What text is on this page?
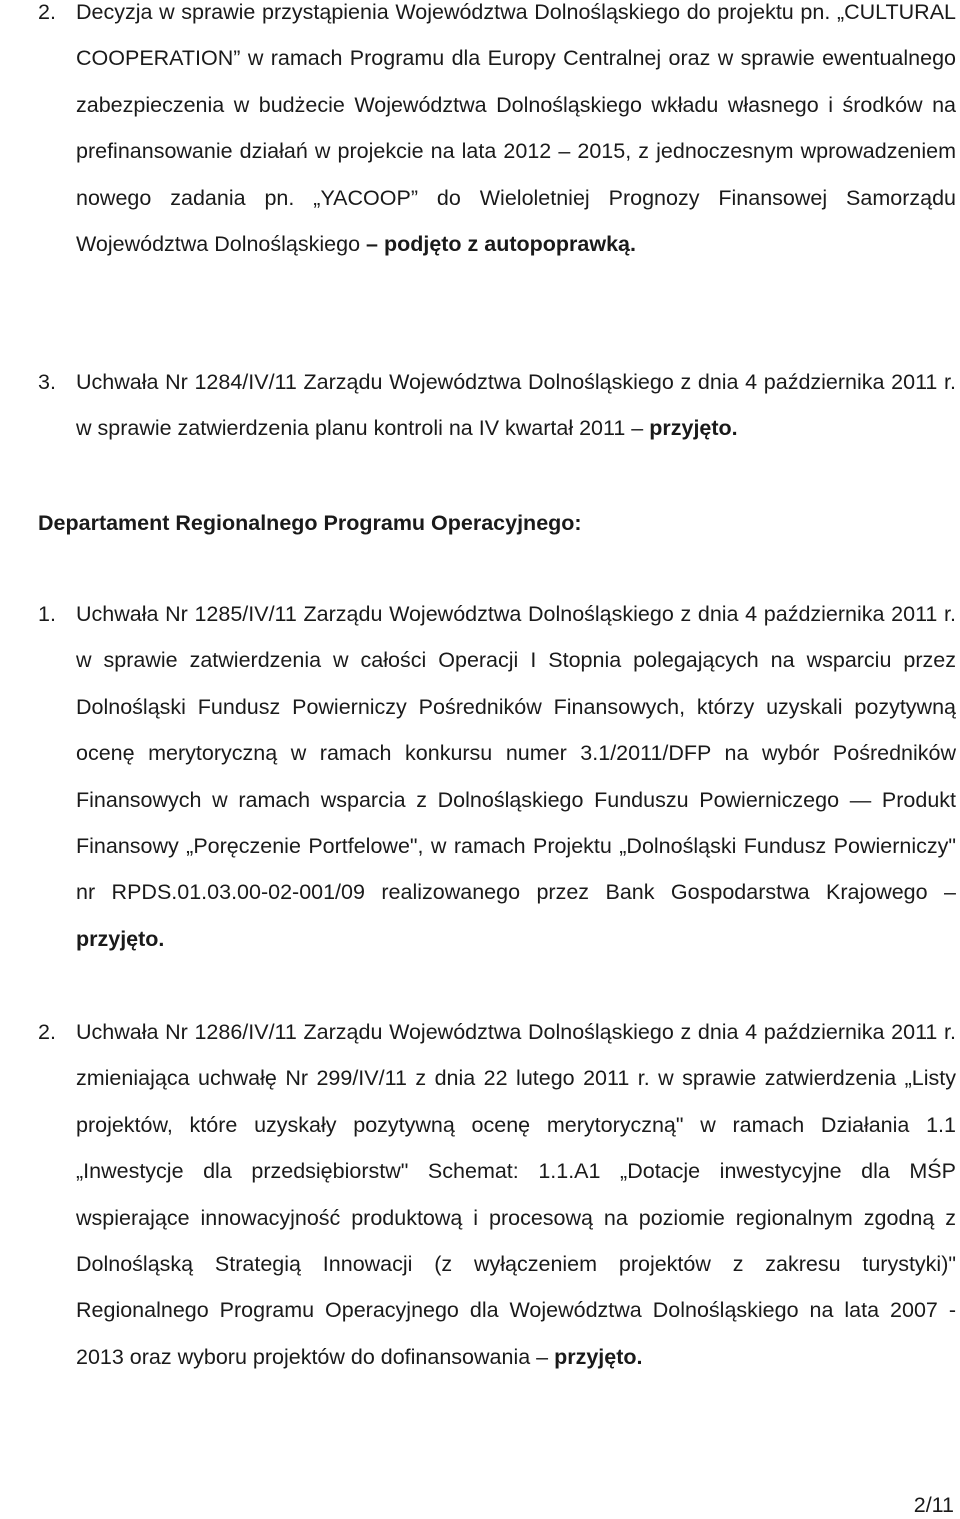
2. Decyzja w sprawie przystąpienia Województwa Dolnośląskiego do projektu pn. „CULTURAL COOPERATION” w ramach Programu dla Europy Centralnej oraz w sprawie ewentualnego zabezpieczenia w budżecie Województwa Dolnośląskiego wkładu własnego i środków na prefinansowanie działań w projekcie na lata 2012 – 2015, z jednoczesnym wprowadzeniem nowego zadania pn. „YACOOP” do Wieloletniej Prognozy Finansowej Samorządu Województwa Dolnośląskiego – podjęto z autopoprawką.
3. Uchwała Nr 1284/IV/11 Zarządu Województwa Dolnośląskiego z dnia 4 października 2011 r. w sprawie zatwierdzenia planu kontroli na IV kwartał 2011 – przyjęto.
Departament Regionalnego Programu Operacyjnego:
1. Uchwała Nr 1285/IV/11 Zarządu Województwa Dolnośląskiego z dnia 4 października 2011 r. w sprawie zatwierdzenia w całości Operacji I Stopnia polegających na wsparciu przez Dolnośląski Fundusz Powierniczy Pośredników Finansowych, którzy uzyskali pozytywną ocenę merytoryczną w ramach konkursu numer 3.1/2011/DFP na wybór Pośredników Finansowych w ramach wsparcia z Dolnośląskiego Funduszu Powierniczego — Produkt Finansowy „Poręczenie Portfelowe", w ramach Projektu „Dolnośląski Fundusz Powierniczy" nr RPDS.01.03.00-02-001/09 realizowanego przez Bank Gospodarstwa Krajowego – przyjęto.
2. Uchwała Nr 1286/IV/11 Zarządu Województwa Dolnośląskiego z dnia 4 października 2011 r. zmieniająca uchwałę Nr 299/IV/11 z dnia 22 lutego 2011 r. w sprawie zatwierdzenia „Listy projektów, które uzyskały pozytywną ocenę merytoryczną" w ramach Działania 1.1 „Inwestycje dla przedsiębiorstw" Schemat: 1.1.A1 „Dotacje inwestycyjne dla MŚP wspierające innowacyjność produktową i procesową na poziomie regionalnym zgodną z Dolnośląską Strategią Innowacji (z wyłączeniem projektów z zakresu turystyki)" Regionalnego Programu Operacyjnego dla Województwa Dolnośląskiego na lata 2007 - 2013 oraz wyboru projektów do dofinansowania – przyjęto.
2/11
